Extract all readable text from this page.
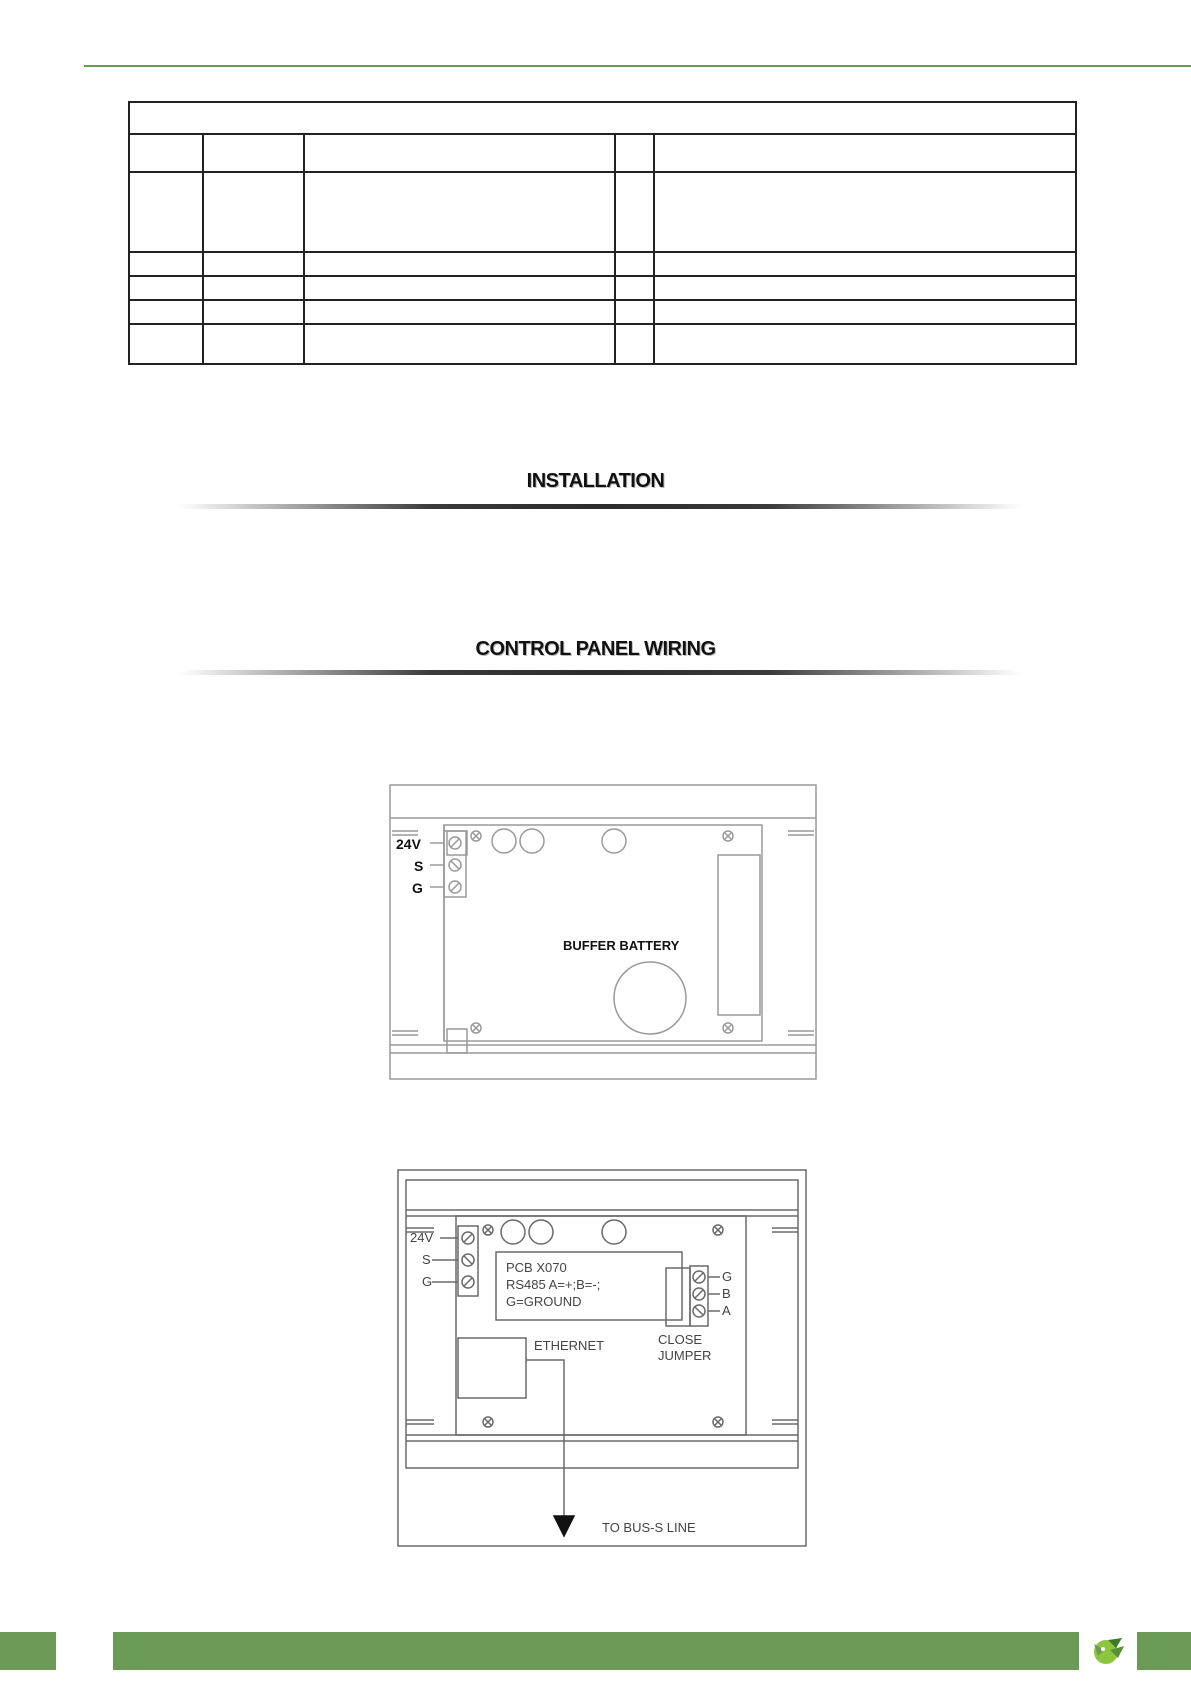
INSTALLATION
CONTROL PANEL WIRING
24V
S
G
BUFFER BATTERY
24V
S
G
PCB X070
RS485 A=+;B=-;
G=GROUND
G
B
A
CLOSE
JUMPER
ETHERNET
TO BUS-S LINE
